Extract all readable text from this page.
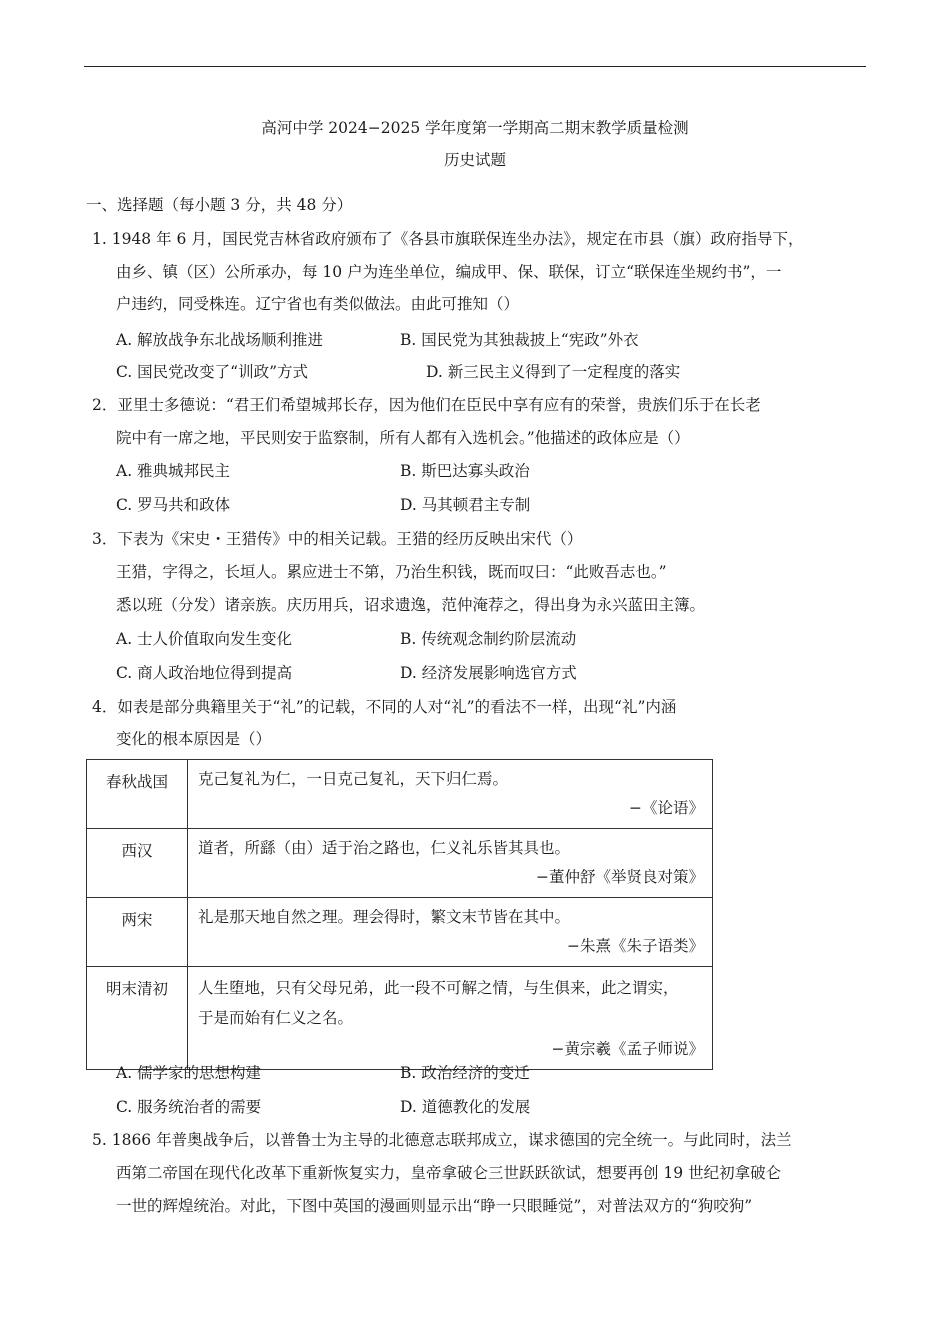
高河中学 2024−2025 学年度第一学期高二期末教学质量检测
历史试题
一、选择题（每小题 3 分，共 48 分）
1. 1948 年 6 月，国民党吉林省政府颁布了《各县市旗联保连坐办法》，规定在市县（旗）政府指导下，
由乡、镇（区）公所承办，每 10 户为连坐单位，编成甲、保、联保，订立“联保连坐规约书”，一
户违约，同受株连。辽宁省也有类似做法。由此可推知（）
A. 解放战争东北战场顺利推进	B. 国民党为其独裁披上“宪政”外衣
C. 国民党改变了“训政”方式	D. 新三民主义得到了一定程度的落实
2．亚里士多德说：“君王们希望城邦长存，因为他们在臣民中享有应有的荣誉，贵族们乐于在长老
院中有一席之地，平民则安于监察制，所有人都有入选机会。”他描述的政体应是（）
A. 雅典城邦民主	B. 斯巴达寡头政治
C. 罗马共和政体	D. 马其顿君主专制
3．下表为《宋史・王猎传》中的相关记载。王猎的经历反映出宋代（）
王猎，字得之，长垣人。累应进士不第，乃治生积钱，既而叹曰：“此败吾志也。”
悉以班（分发）诸亲族。庆历用兵，诏求遗逸，范仲淹荐之，得出身为永兴蓝田主簿。
A. 士人价值取向发生变化	B. 传统观念制约阶层流动
C. 商人政治地位得到提高	D. 经济发展影响选官方式
4．如表是部分典籍里关于“礼”的记载，不同的人对“礼”的看法不一样，出现“礼”内涵
变化的根本原因是（）
春秋战国	克己复礼为仁，一日克己复礼，天下归仁焉。
−《论语》

西汉	道者，所繇（由）适于治之路也，仁义礼乐皆其具也。
−董仲舒《举贤良对策》

两宋	礼是那天地自然之理。理会得时，繁文末节皆在其中。
−朱熹《朱子语类》

明末清初	人生堕地，只有父母兄弟，此一段不可解之情，与生俱来，此之谓实，
于是而始有仁义之名。
−黄宗羲《孟子师说》
A. 儒学家的思想构建	B. 政治经济的变迁
C. 服务统治者的需要	D. 道德教化的发展
5. 1866 年普奥战争后，以普鲁士为主导的北德意志联邦成立，谋求德国的完全统一。与此同时，法兰
西第二帝国在现代化改革下重新恢复实力，皇帝拿破仑三世跃跃欲试，想要再创 19 世纪初拿破仑
一世的辉煌统治。对此，下图中英国的漫画则显示出“睁一只眼睡觉”，对普法双方的“狗咬狗”
